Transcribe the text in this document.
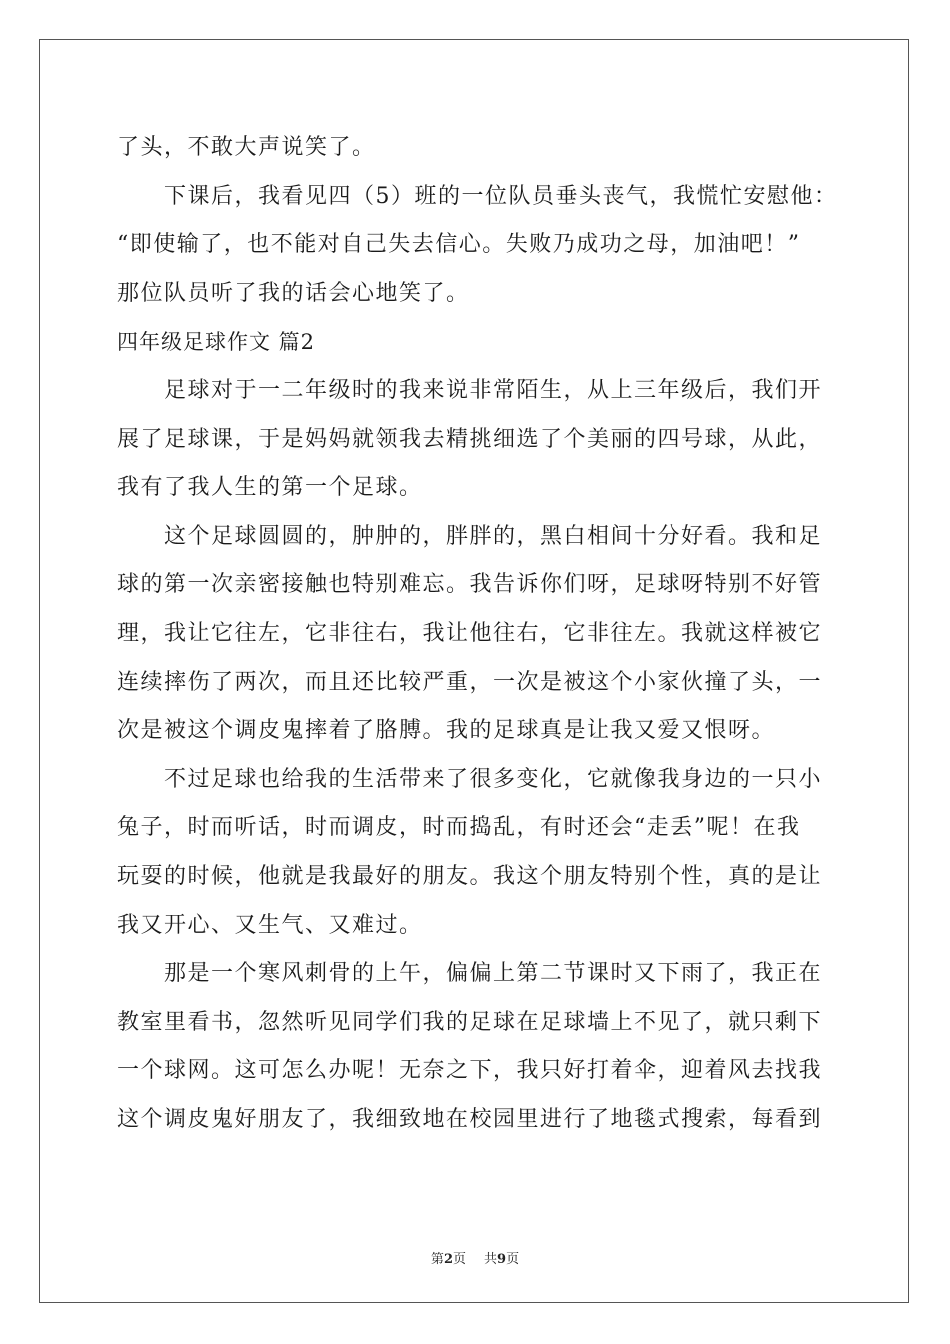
了头，不敢大声说笑了。
下课后，我看见四（5）班的一位队员垂头丧气，我慌忙安慰他：
“即使输了，也不能对自己失去信心。失败乃成功之母，加油吧！”
那位队员听了我的话会心地笑了。
四年级足球作文 篇2
足球对于一二年级时的我来说非常陌生，从上三年级后，我们开
展了足球课，于是妈妈就领我去精挑细选了个美丽的四号球，从此，
我有了我人生的第一个足球。
这个足球圆圆的，肿肿的，胖胖的，黑白相间十分好看。我和足
球的第一次亲密接触也特别难忘。我告诉你们呀，足球呀特别不好管
理，我让它往左，它非往右，我让他往右，它非往左。我就这样被它
连续摔伤了两次，而且还比较严重，一次是被这个小家伙撞了头，一
次是被这个调皮鬼摔着了胳膊。我的足球真是让我又爱又恨呀。
不过足球也给我的生活带来了很多变化，它就像我身边的一只小
兔子，时而听话，时而调皮，时而捣乱，有时还会“走丢”呢！在我
玩耍的时候，他就是我最好的朋友。我这个朋友特别个性，真的是让
我又开心、又生气、又难过。
那是一个寒风刺骨的上午，偏偏上第二节课时又下雨了，我正在
教室里看书，忽然听见同学们我的足球在足球墙上不见了，就只剩下
一个球网。这可怎么办呢！无奈之下，我只好打着伞，迎着风去找我
这个调皮鬼好朋友了，我细致地在校园里进行了地毯式搜索，每看到
第2页 共9页
